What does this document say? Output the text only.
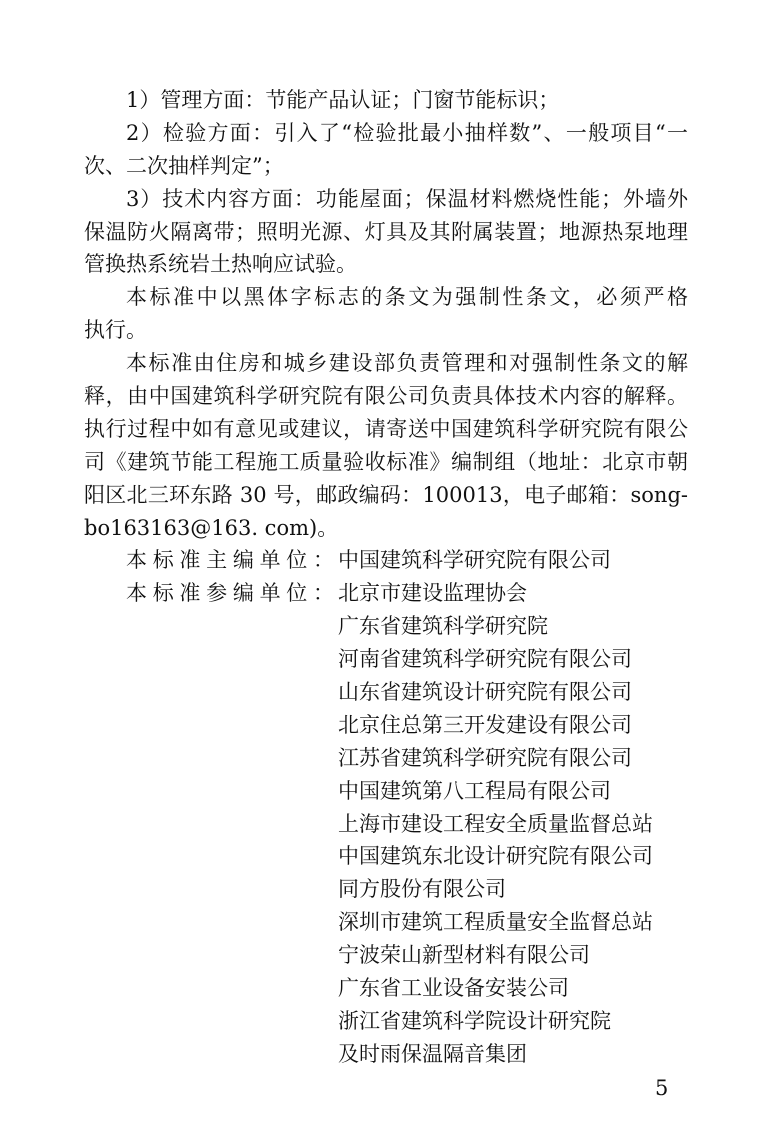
1）管理方面：节能产品认证；门窗节能标识；
2）检验方面：引入了“检验批最小抽样数”、一般项目“一
次、二次抽样判定”；
3）技术内容方面：功能屋面；保温材料燃烧性能；外墙外
保温防火隔离带；照明光源、灯具及其附属装置；地源热泵地理
管换热系统岩土热响应试验。
本标准中以黑体字标志的条文为强制性条文，必须严格
执行。
本标准由住房和城乡建设部负责管理和对强制性条文的解
释，由中国建筑科学研究院有限公司负责具体技术内容的解释。
执行过程中如有意见或建议，请寄送中国建筑科学研究院有限公
司《建筑节能工程施工质量验收标准》编制组（地址：北京市朝
阳区北三环东路 30 号，邮政编码：100013，电子邮箱：song-
bo163163@163. com)。
本标准主编单位： 中国建筑科学研究院有限公司
本标准参编单位： 北京市建设监理协会
广东省建筑科学研究院
河南省建筑科学研究院有限公司
山东省建筑设计研究院有限公司
北京住总第三开发建设有限公司
江苏省建筑科学研究院有限公司
中国建筑第八工程局有限公司
上海市建设工程安全质量监督总站
中国建筑东北设计研究院有限公司
同方股份有限公司
深圳市建筑工程质量安全监督总站
宁波荣山新型材料有限公司
广东省工业设备安装公司
浙江省建筑科学院设计研究院
及时雨保温隔音集团
5
